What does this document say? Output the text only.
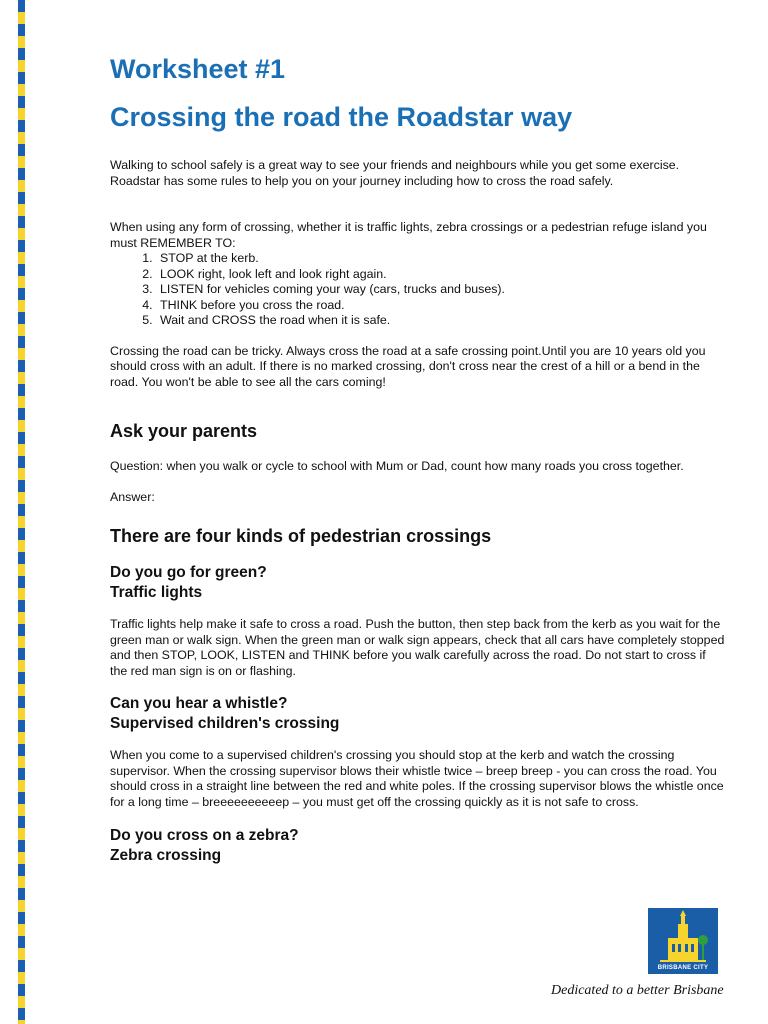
Worksheet #1
Crossing the road the Roadstar way

Walking to school safely is a great way to see your friends and neighbours while you get some exercise. Roadstar has some rules to help you on your journey including how to cross the road safely.

When using any form of crossing, whether it is traffic lights, zebra crossings or a pedestrian refuge island you must REMEMBER TO:

1. STOP at the kerb.
2. LOOK right, look left and look right again.
3. LISTEN for vehicles coming your way (cars, trucks and buses).
4. THINK before you cross the road.
5. Wait and CROSS the road when it is safe.

Crossing the road can be tricky. Always cross the road at a safe crossing point.Until you are 10 years old you should cross with an adult. If there is no marked crossing, don't cross near the crest of a hill or a bend in the road. You won't be able to see all the cars coming!

Ask your parents

Question: when you walk or cycle to school with Mum or Dad, count how many roads you cross together.

Answer:

There are four kinds of pedestrian crossings
Do you go for green?
Traffic lights

Traffic lights help make it safe to cross a road. Push the button, then step back from the kerb as you wait for the green man or walk sign. When the green man or walk sign appears, check that all cars have completely stopped and then STOP, LOOK, LISTEN and THINK before you walk carefully across the road. Do not start to cross if the red man sign is on or flashing.

Can you hear a whistle?
Supervised children's crossing

When you come to a supervised children's crossing you should stop at the kerb and watch the crossing supervisor. When the crossing supervisor blows their whistle twice – breep breep - you can cross the road. You should cross in a straight line between the red and white poles. If the crossing supervisor blows the whistle once for a long time – breeeeeeeeeep – you must get off the crossing quickly as it is not safe to cross.

Do you cross on a zebra?
Zebra crossing
BRISBANE CITY
Dedicated to a better Brisbane
